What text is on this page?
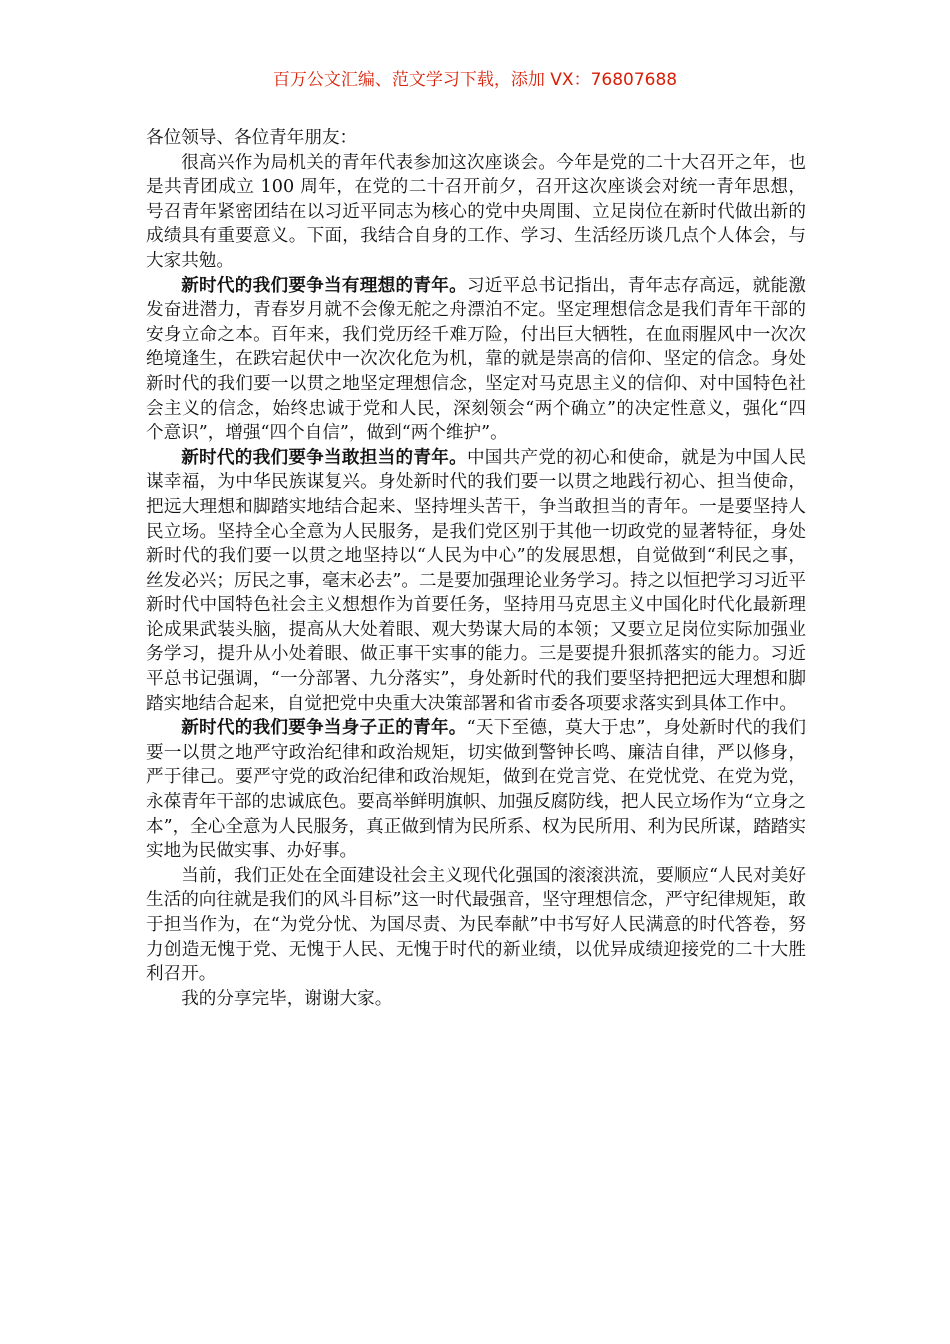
百万公文汇编、范文学习下载，添加 VX：76807688

各位领导、各位青年朋友：

很高兴作为局机关的青年代表参加这次座谈会。今年是党的二十大召开之年，也是共青团成立 100 周年，在党的二十召开前夕，召开这次座谈会对统一青年思想，号召青年紧密团结在以习近平同志为核心的党中央周围、立足岗位在新时代做出新的成绩具有重要意义。下面，我结合自身的工作、学习、生活经历谈几点个人体会，与大家共勉。

新时代的我们要争当有理想的青年。习近平总书记指出，青年志存高远，就能激发奋进潜力，青春岁月就不会像无舵之舟漂泊不定。坚定理想信念是我们青年干部的安身立命之本。百年来，我们党历经千难万险，付出巨大牺牲，在血雨腥风中一次次绝境逢生，在跌宕起伏中一次次化危为机，靠的就是崇高的信仰、坚定的信念。身处新时代的我们要一以贯之地坚定理想信念，坚定对马克思主义的信仰、对中国特色社会主义的信念，始终忠诚于党和人民，深刻领会“两个确立”的决定性意义，强化“四个意识”，增强“四个自信”，做到“两个维护”。

新时代的我们要争当敢担当的青年。中国共产党的初心和使命，就是为中国人民谋幸福，为中华民族谋复兴。身处新时代的我们要一以贯之地践行初心、担当使命，把远大理想和脚踏实地结合起来、坚持埋头苦干，争当敢担当的青年。一是要坚持人民立场。坚持全心全意为人民服务，是我们党区别于其他一切政党的显著特征，身处新时代的我们要一以贯之地坚持以“人民为中心”的发展思想，自觉做到“利民之事，丝发必兴；厉民之事，毫末必去”。二是要加强理论业务学习。持之以恒把学习习近平新时代中国特色社会主义想想作为首要任务，坚持用马克思主义中国化时代化最新理论成果武装头脑，提高从大处着眼、观大势谋大局的本领；又要立足岗位实际加强业务学习，提升从小处着眼、做正事干实事的能力。三是要提升狠抓落实的能力。习近平总书记强调，“一分部署、九分落实”，身处新时代的我们要坚持把把远大理想和脚踏实地结合起来，自觉把党中央重大决策部署和省市委各项要求落实到具体工作中。

新时代的我们要争当身子正的青年。“天下至德，莫大于忠”，身处新时代的我们要一以贯之地严守政治纪律和政治规矩，切实做到警钟长鸣、廉洁自律，严以修身，严于律己。要严守党的政治纪律和政治规矩，做到在党言党、在党忧党、在党为党，永葆青年干部的忠诚底色。要高举鲜明旗帜、加强反腐防线，把人民立场作为“立身之本”，全心全意为人民服务，真正做到情为民所系、权为民所用、利为民所谋，踏踏实实地为民做实事、办好事。

当前，我们正处在全面建设社会主义现代化强国的滚滚洪流，要顺应“人民对美好生活的向往就是我们的风斗目标”这一时代最强音，坚守理想信念，严守纪律规矩，敢于担当作为，在“为党分忧、为国尽责、为民奉献”中书写好人民满意的时代答卷，努力创造无愧于党、无愧于人民、无愧于时代的新业绩，以优异成绩迎接党的二十大胜利召开。

我的分享完毕，谢谢大家。
